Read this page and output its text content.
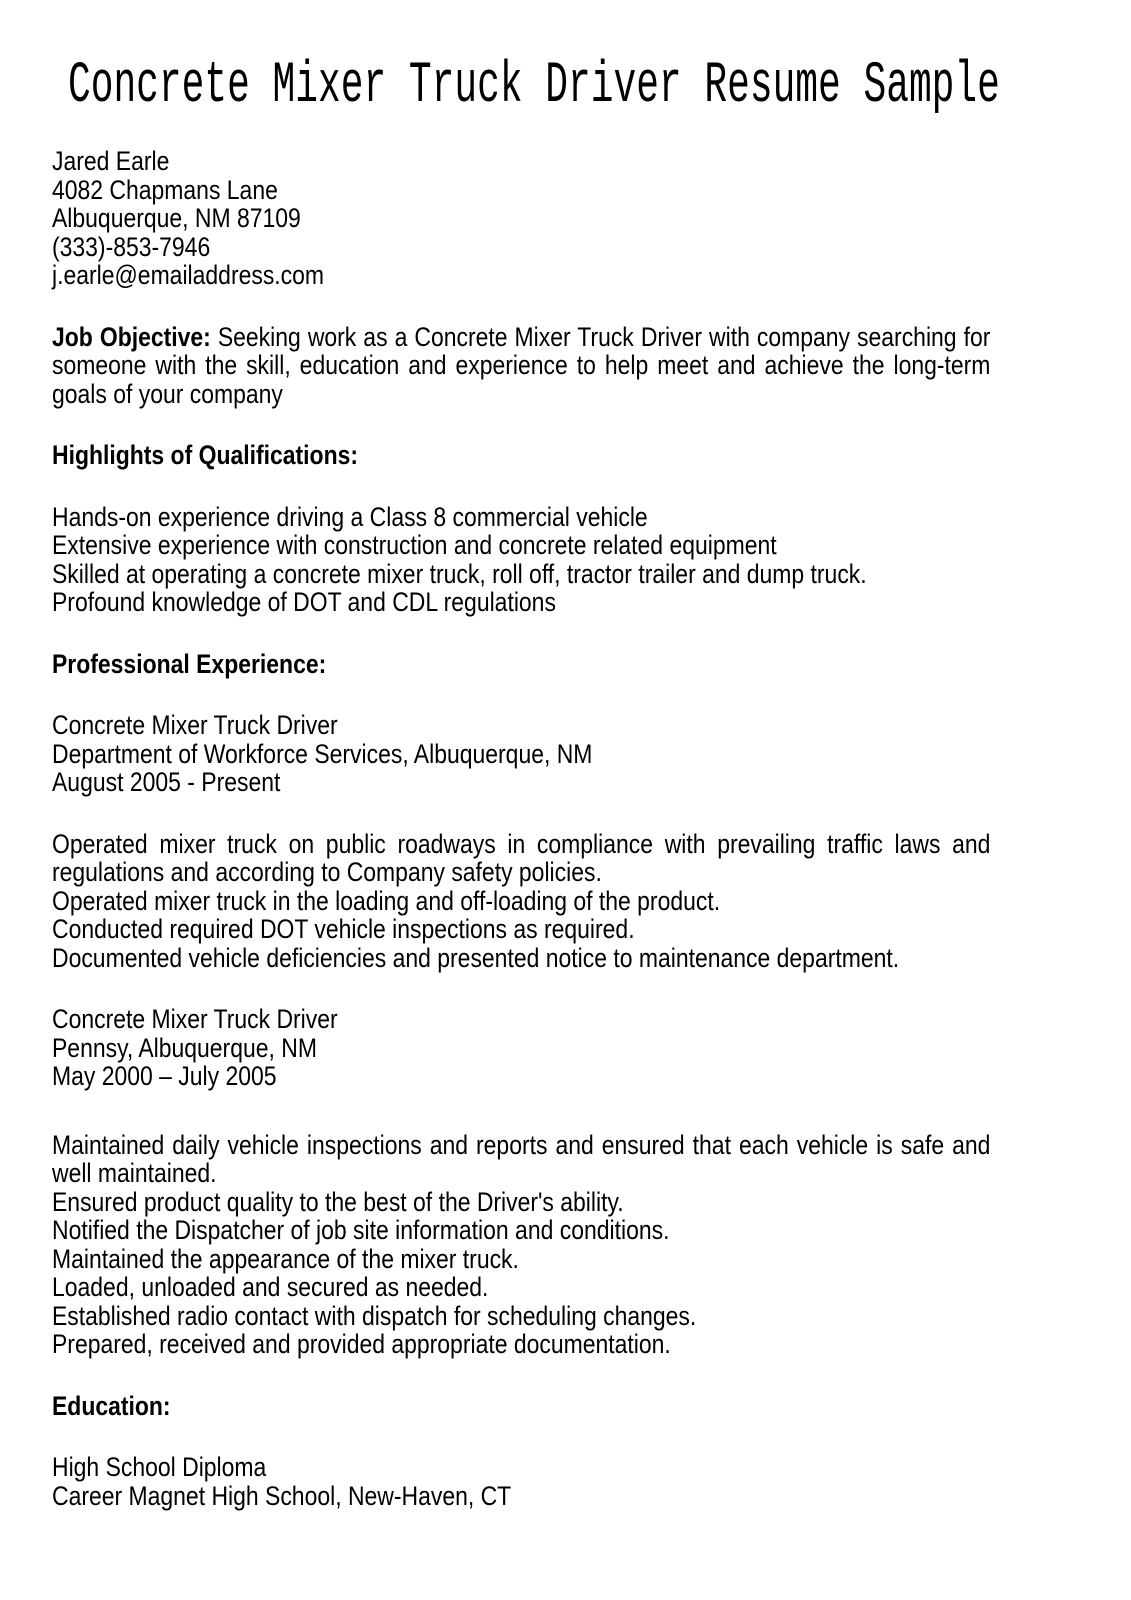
Concrete Mixer Truck Driver Resume Sample

Jared Earle

4082 Chapmans Lane

Albuquerque, NM 87109

(333)-853-7946

j.earle@emailaddress.com

Job Objective: Seeking work as a Concrete Mixer Truck Driver with company searching for someone with the skill, education and experience to help meet and achieve the long-term goals of your company

Highlights of Qualifications:

Hands-on experience driving a Class 8 commercial vehicle

Extensive experience with construction and concrete related equipment

Skilled at operating a concrete mixer truck, roll off, tractor trailer and dump truck.

Profound knowledge of DOT and CDL regulations

Professional Experience:

Concrete Mixer Truck Driver

Department of Workforce Services, Albuquerque, NM

August 2005 - Present

Operated mixer truck on public roadways in compliance with prevailing traffic laws and regulations and according to Company safety policies.

Operated mixer truck in the loading and off-loading of the product.

Conducted required DOT vehicle inspections as required.

Documented vehicle deficiencies and presented notice to maintenance department.

Concrete Mixer Truck Driver

Pennsy, Albuquerque, NM

May 2000 – July 2005

Maintained daily vehicle inspections and reports and ensured that each vehicle is safe and well maintained.

Ensured product quality to the best of the Driver's ability.

Notified the Dispatcher of job site information and conditions.

Maintained the appearance of the mixer truck.

Loaded, unloaded and secured as needed.

Established radio contact with dispatch for scheduling changes.

Prepared, received and provided appropriate documentation.

Education:

High School Diploma

Career Magnet High School, New-Haven, CT
